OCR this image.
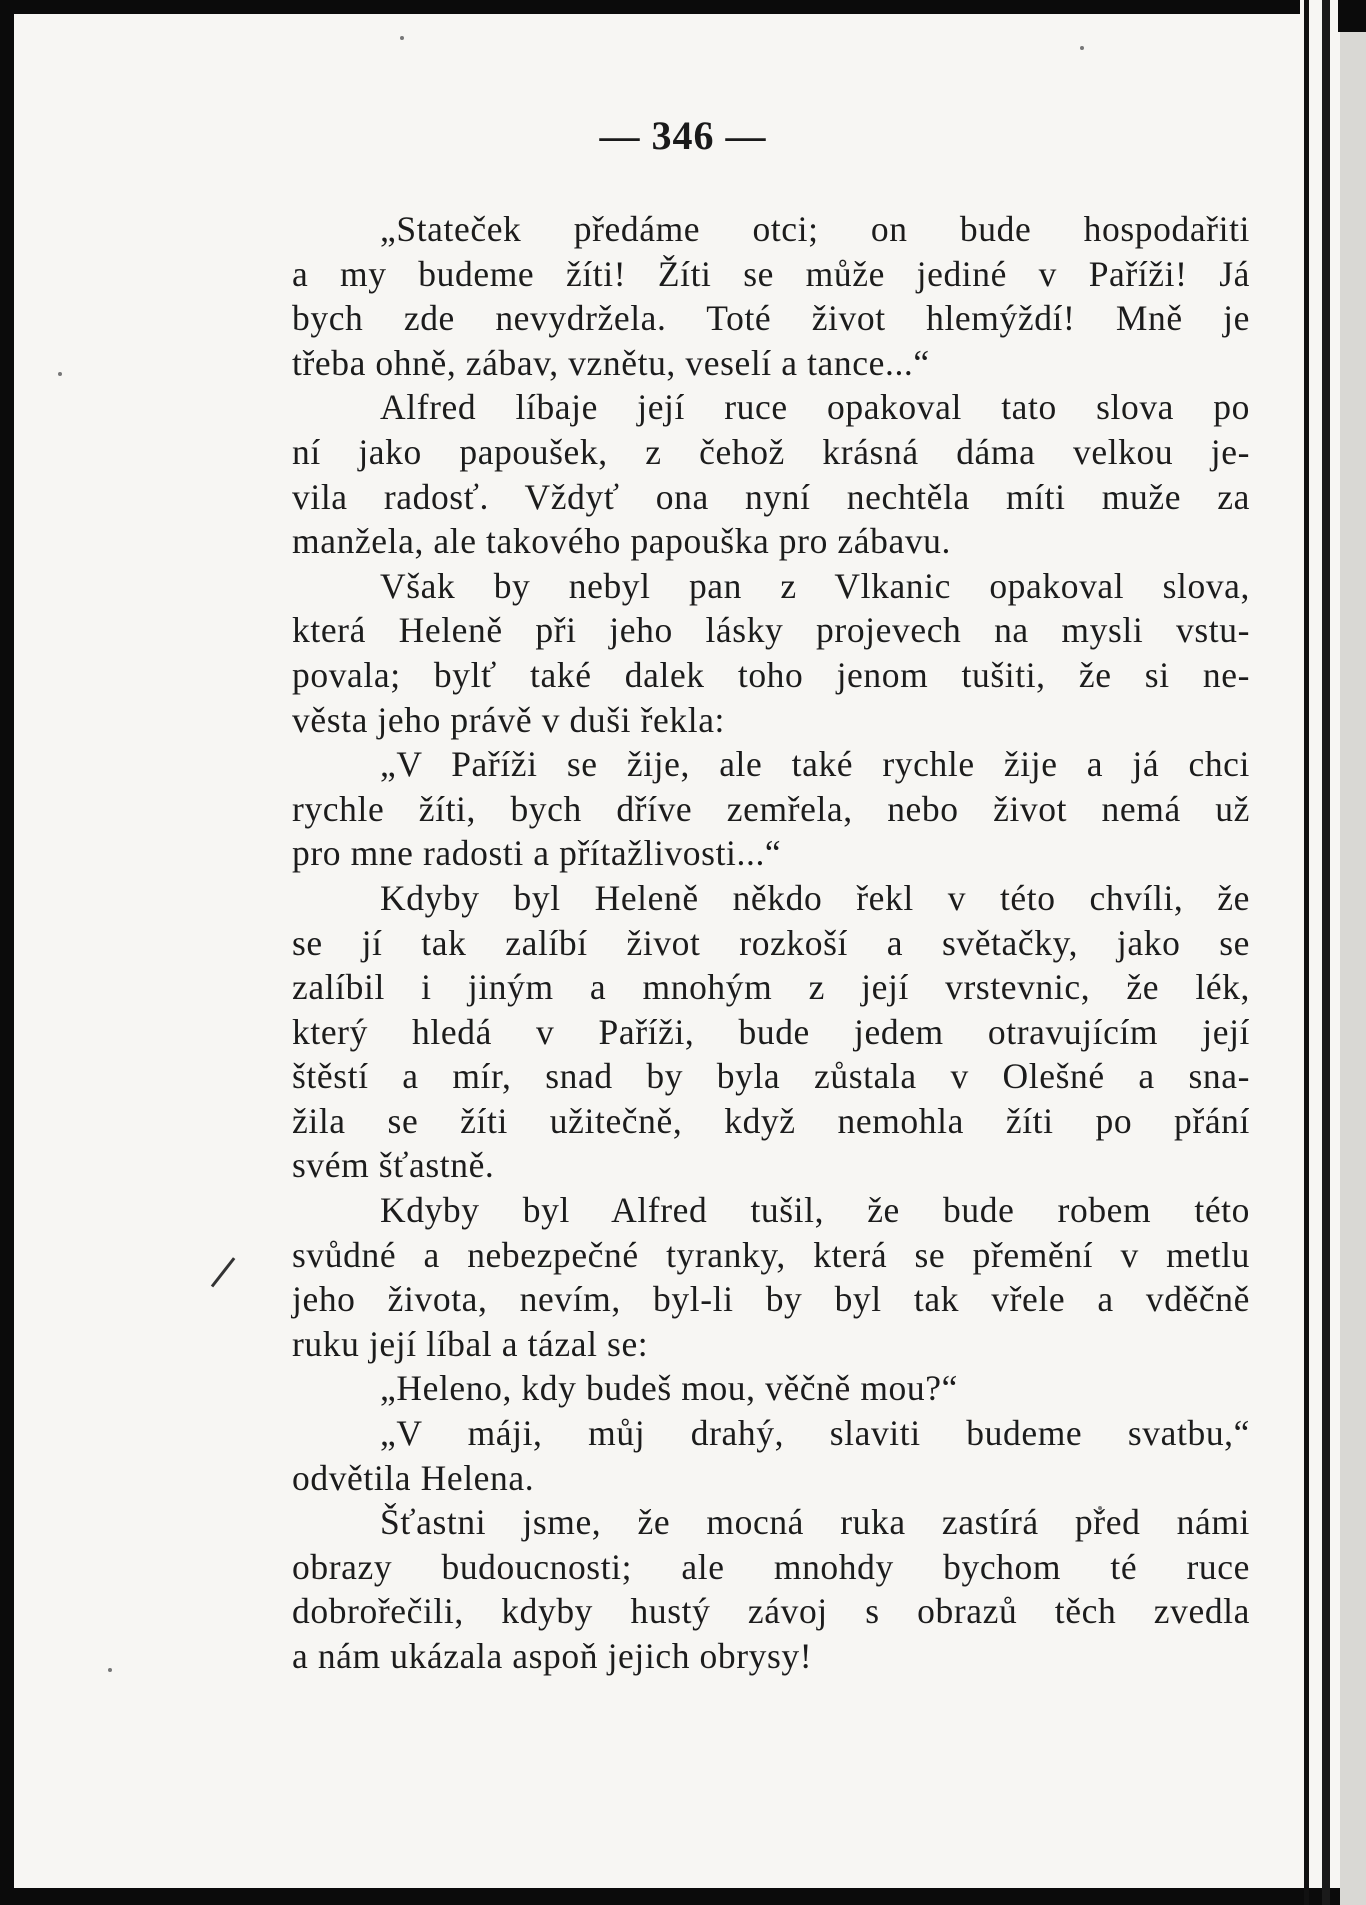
— 346 —
„Stateček předáme otci; on bude hospodařiti
a my budeme žíti! Žíti se může jediné v Paříži! Já
bych zde nevydržela. Toté život hlemýždí! Mně je
třeba ohně, zábav, vznětu, veselí a tance...“
Alfred líbaje její ruce opakoval tato slova po
ní jako papoušek, z čehož krásná dáma velkou je-
vila radosť. Vždyť ona nyní nechtěla míti muže za
manžela, ale takového papouška pro zábavu.
Však by nebyl pan z Vlkanic opakoval slova,
která Heleně při jeho lásky projevech na mysli vstu-
povala; bylť také dalek toho jenom tušiti, že si ne-
věsta jeho právě v duši řekla:
„V Paříži se žije, ale také rychle žije a já chci
rychle žíti, bych dříve zemřela, nebo život nemá už
pro mne radosti a přítažlivosti...“
Kdyby byl Heleně někdo řekl v této chvíli, že
se jí tak zalíbí život rozkoší a světačky, jako se
zalíbil i jiným a mnohým z její vrstevnic, že lék,
který hledá v Paříži, bude jedem otravujícím její
štěstí a mír, snad by byla zůstala v Olešné a sna-
žila se žíti užitečně, když nemohla žíti po přání
svém šťastně.
Kdyby byl Alfred tušil, že bude robem této
svůdné a nebezpečné tyranky, která se přemění v metlu
jeho života, nevím, byl-li by byl tak vřele a vděčně
ruku její líbal a tázal se:
„Heleno, kdy budeš mou, věčně mou?“
„V máji, můj drahý, slaviti budeme svatbu,“
odvětila Helena.
Šťastni jsme, že mocná ruka zastírá před námi
obrazy budoucnosti; ale mnohdy bychom té ruce
dobrořečili, kdyby hustý závoj s obrazů těch zvedla
a nám ukázala aspoň jejich obrysy!
